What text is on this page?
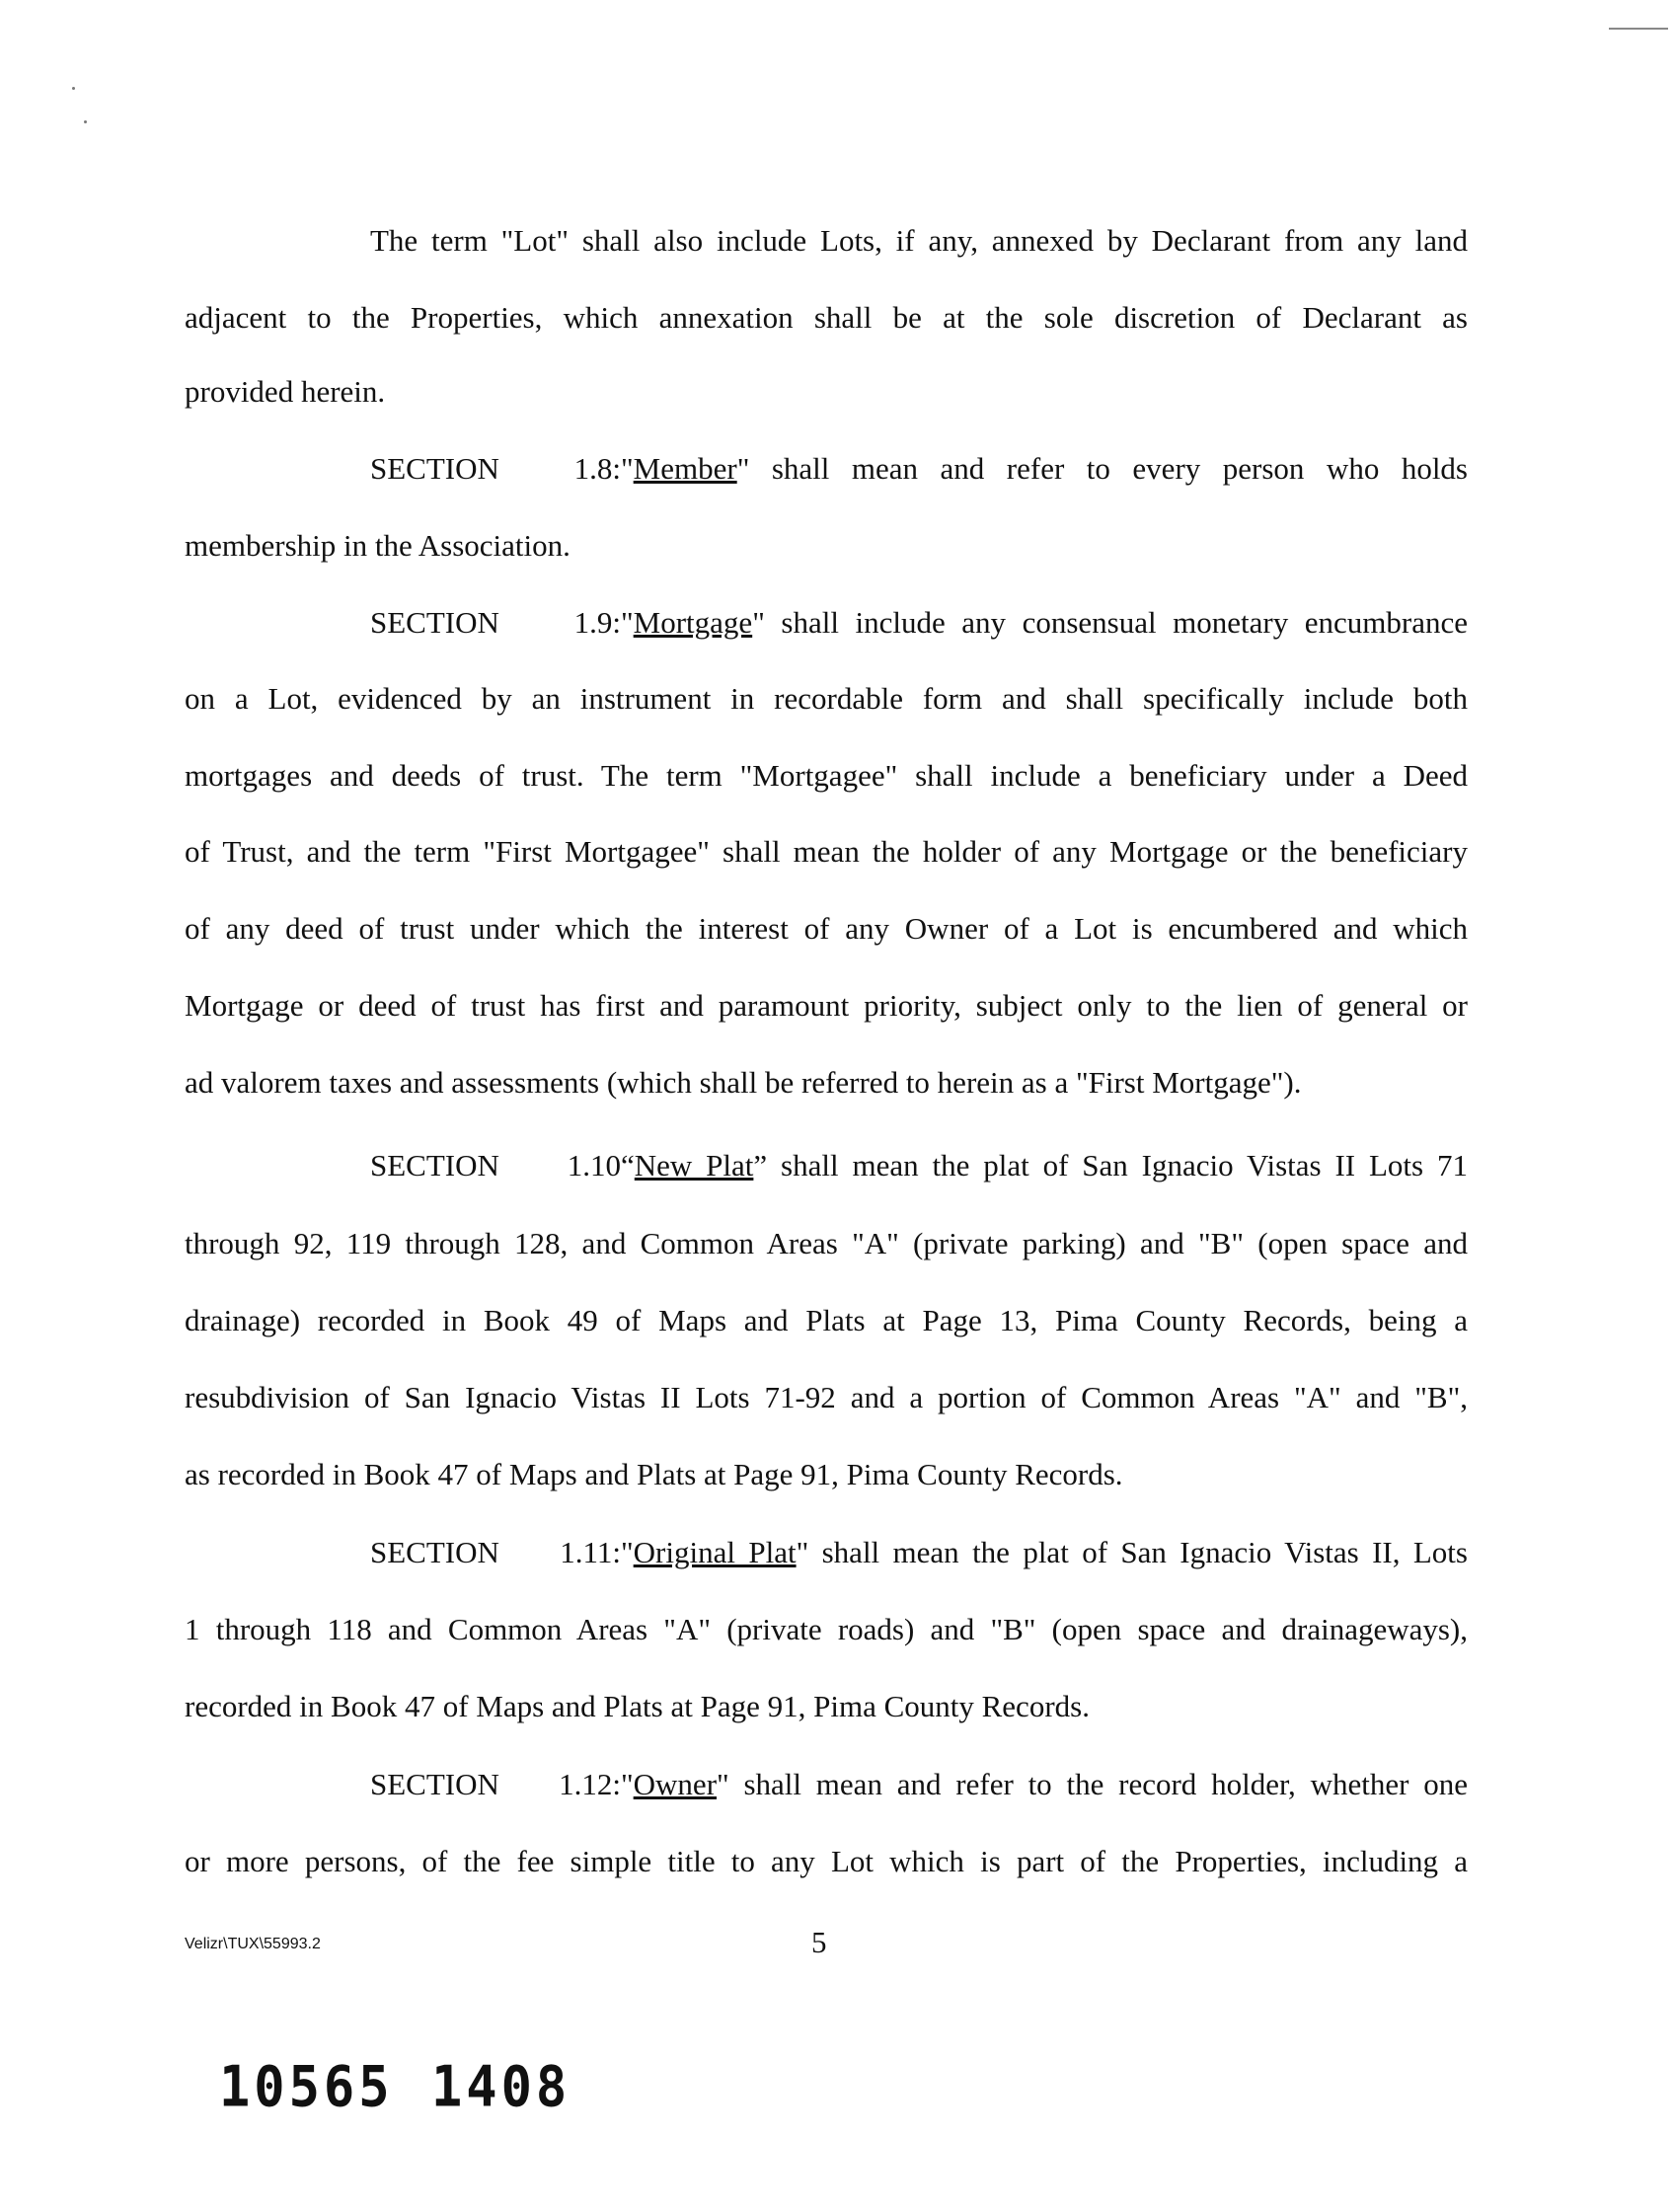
The term "Lot" shall also include Lots, if any, annexed by Declarant from any land
adjacent to the Properties, which annexation shall be at the sole discretion of Declarant as
provided herein.
SECTION 1.8:"Member" shall mean and refer to every person who holds
membership in the Association.
SECTION 1.9:"Mortgage" shall include any consensual monetary encumbrance
on a Lot, evidenced by an instrument in recordable form and shall specifically include both
mortgages and deeds of trust. The term "Mortgagee" shall include a beneficiary under a Deed
of Trust, and the term "First Mortgagee" shall mean the holder of any Mortgage or the beneficiary
of any deed of trust under which the interest of any Owner of a Lot is encumbered and which
Mortgage or deed of trust has first and paramount priority, subject only to the lien of general or
ad valorem taxes and assessments (which shall be referred to herein as a "First Mortgage").
SECTION 1.10“New Plat” shall mean the plat of San Ignacio Vistas II Lots 71
through 92, 119 through 128, and Common Areas "A" (private parking) and "B" (open space and
drainage) recorded in Book 49 of Maps and Plats at Page 13, Pima County Records, being a
resubdivision of San Ignacio Vistas II Lots 71-92 and a portion of Common Areas "A" and "B",
as recorded in Book 47 of Maps and Plats at Page 91, Pima County Records.
SECTION 1.11:"Original Plat" shall mean the plat of San Ignacio Vistas II, Lots
1 through 118 and Common Areas "A" (private roads) and "B" (open space and drainageways),
recorded in Book 47 of Maps and Plats at Page 91, Pima County Records.
SECTION 1.12:"Owner" shall mean and refer to the record holder, whether one
or more persons, of the fee simple title to any Lot which is part of the Properties, including a
Velizr\TUX\55993.2	5
10565 1408
